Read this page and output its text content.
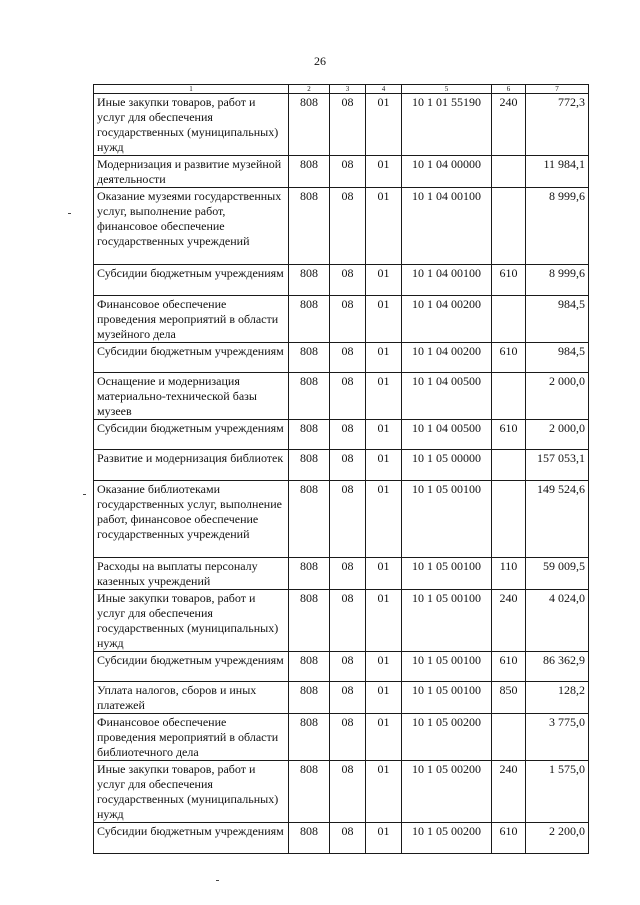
26
1	2	3	4	5	6	7
Иные закупки товаров, работ и услуг для обеспечения государственных (муниципальных) нужд	808	08	01	10 1 01 55190	240	772,3
Модернизация и развитие музейной деятельности	808	08	01	10 1 04 00000		11 984,1
Оказание музеями государственных услуг, выполнение работ, финансовое обеспечение государственных учреждений	808	08	01	10 1 04 00100		8 999,6
Субсидии бюджетным учреждениям	808	08	01	10 1 04 00100	610	8 999,6
Финансовое обеспечение проведения мероприятий в области музейного дела	808	08	01	10 1 04 00200		984,5
Субсидии бюджетным учреждениям	808	08	01	10 1 04 00200	610	984,5
Оснащение и модернизация материально-технической базы музеев	808	08	01	10 1 04 00500		2 000,0
Субсидии бюджетным учреждениям	808	08	01	10 1 04 00500	610	2 000,0
Развитие и модернизация библиотек	808	08	01	10 1 05 00000		157 053,1
Оказание библиотеками государственных услуг, выполнение работ, финансовое обеспечение государственных учреждений	808	08	01	10 1 05 00100		149 524,6
Расходы на выплаты персоналу казенных учреждений	808	08	01	10 1 05 00100	110	59 009,5
Иные закупки товаров, работ и услуг для обеспечения государственных (муниципальных) нужд	808	08	01	10 1 05 00100	240	4 024,0
Субсидии бюджетным учреждениям	808	08	01	10 1 05 00100	610	86 362,9
Уплата налогов, сборов и иных платежей	808	08	01	10 1 05 00100	850	128,2
Финансовое обеспечение проведения мероприятий в области библиотечного дела	808	08	01	10 1 05 00200		3 775,0
Иные закупки товаров, работ и услуг для обеспечения государственных (муниципальных) нужд	808	08	01	10 1 05 00200	240	1 575,0
Субсидии бюджетным учреждениям	808	08	01	10 1 05 00200	610	2 200,0
